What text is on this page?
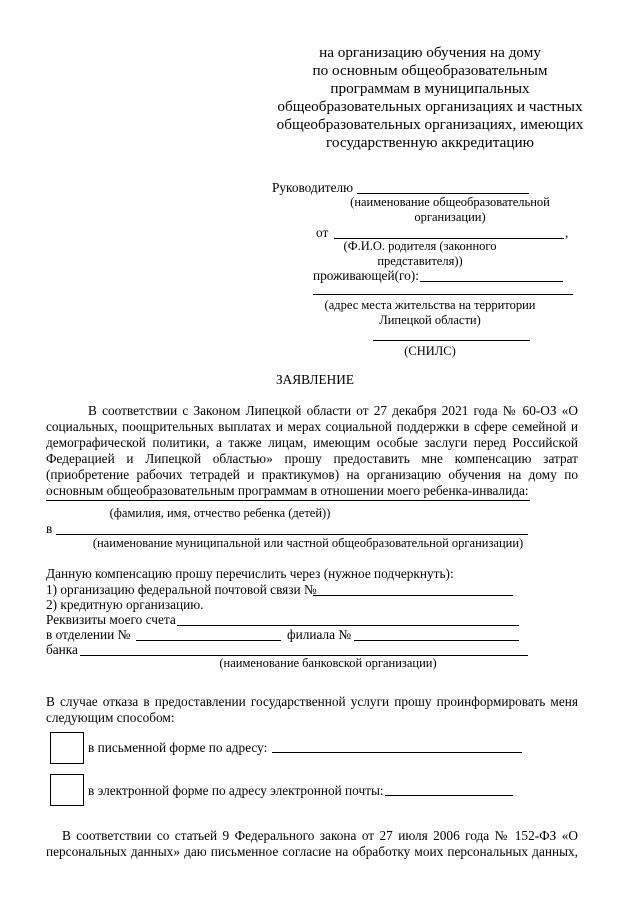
на организацию обучения на дому
по основным общеобразовательным
программам в муниципальных
общеобразовательных организациях и частных
общеобразовательных организациях, имеющих
государственную аккредитацию
Руководителю
(наименование общеобразовательной
организации)
от	,
(Ф.И.О. родителя (законного
представителя))
проживающей(го):
(адрес места жительства на территории
Липецкой области)
(СНИЛС)
ЗАЯВЛЕНИЕ
В соответствии с Законом Липецкой области от 27 декабря 2021 года № 60-ОЗ «О
социальных, поощрительных выплатах и мерах социальной поддержки в сфере семейной и
демографической политики, а также лицам, имеющим особые заслуги перед Российской
Федерацией и Липецкой областью» прошу предоставить мне компенсацию затрат
(приобретение рабочих тетрадей и практикумов) на организацию обучения на дому по
основным общеобразовательным программам в отношении моего ребенка-инвалида:
(фамилия, имя, отчество ребенка (детей))
в
(наименование муниципальной или частной общеобразовательной организации)
Данную компенсацию прошу перечислить через (нужное подчеркнуть):
1) организацию федеральной почтовой связи №
2) кредитную организацию.
Реквизиты моего счета
в отделении №	филиала №
банка
(наименование банковской организации)
В случае отказа в предоставлении государственной услуги прошу проинформировать меня
следующим способом:
в письменной форме по адресу:
в электронной форме по адресу электронной почты:
В соответствии со статьей 9 Федерального закона от 27 июля 2006 года № 152-ФЗ «О
персональных данных» даю письменное согласие на обработку моих персональных данных,
